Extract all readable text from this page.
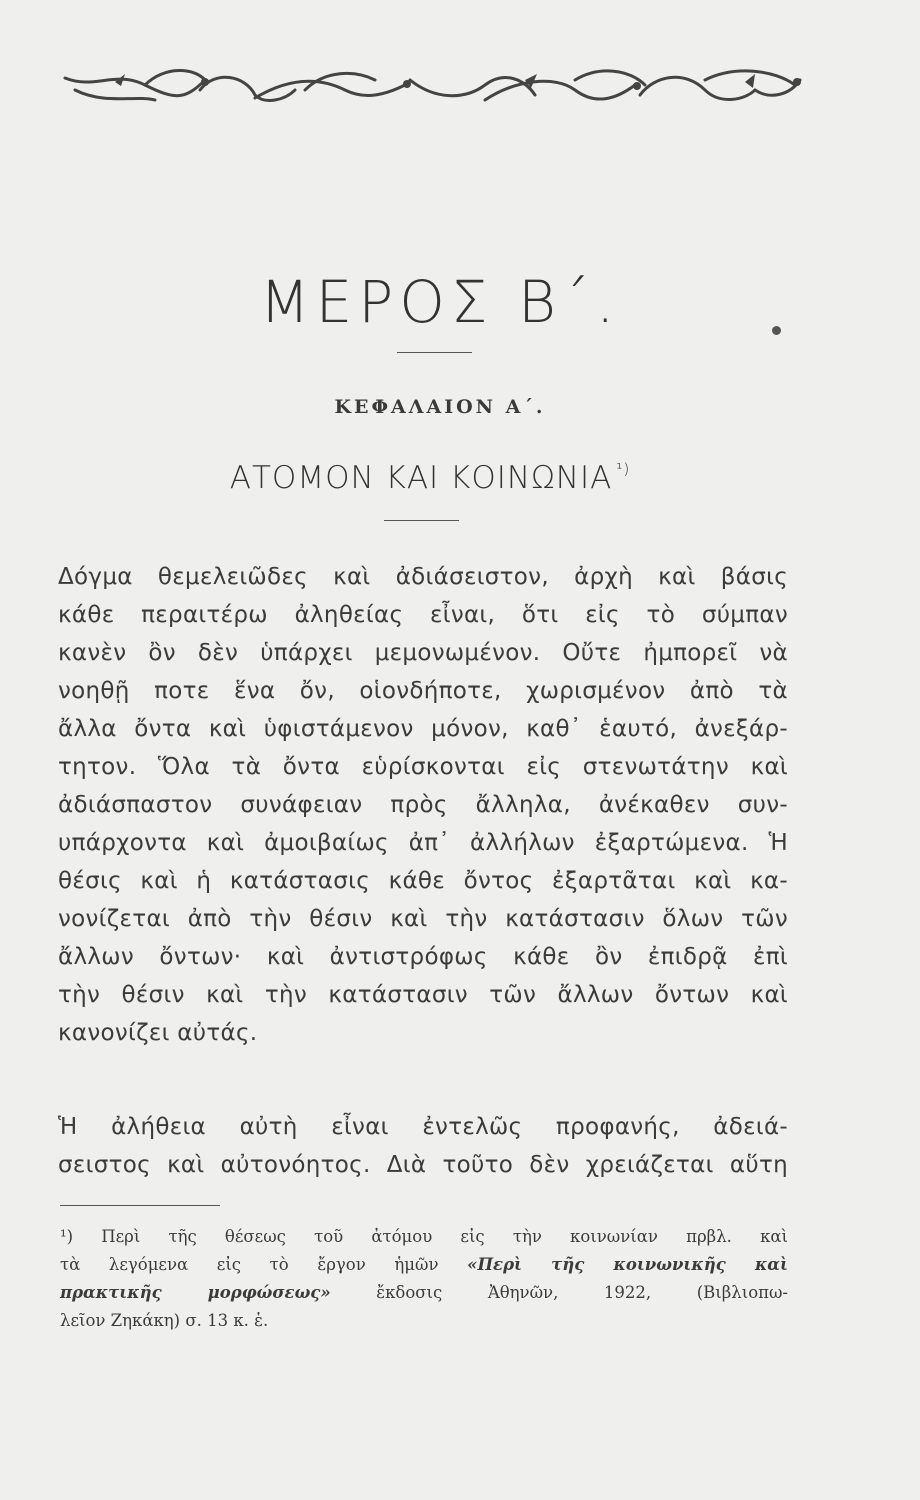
ΜΕΡΟΣ Β΄.
ΚΕΦΑΛΑΙΟΝ Α΄.
ΑΤΟΜΟΝ ΚΑΙ ΚΟΙΝΩΝΙΑ $^{^1)}$
Δόγμα θεμελειῶδες καὶ ἀδιάσειστον, ἀρχὴ καὶ βάσις
κάθε περαιτέρω ἀληθείας εἶναι, ὅτι εἰς τὸ σύμπαν
κανὲν ὂν δὲν ὑπάρχει μεμονωμένον. Οὔτε ἠμπορεῖ νὰ
νοηθῇ ποτε ἕνα ὄν, οἱονδήποτε, χωρισμένον ἀπὸ τὰ
ἄλλα ὄντα καὶ ὑφιστάμενον μόνον, καθ᾽ ἑαυτό, ἀνεξάρ-
τητον. Ὅλα τὰ ὄντα εὑρίσκονται εἰς στενωτάτην καὶ
ἀδιάσπαστον συνάφειαν πρὸς ἄλληλα, ἀνέκαθεν συν-
υπάρχοντα καὶ ἀμοιβαίως ἀπ᾽ ἀλλήλων ἐξαρτώμενα. Ἡ
θέσις καὶ ἡ κατάστασις κάθε ὄντος ἐξαρτᾶται καὶ κα-
νονίζεται ἀπὸ τὴν θέσιν καὶ τὴν κατάστασιν ὅλων τῶν
ἄλλων ὄντων· καὶ ἀντιστρόφως κάθε ὂν ἐπιδρᾷ ἐπὶ
τὴν θέσιν καὶ τὴν κατάστασιν τῶν ἄλλων ὄντων καὶ
κανονίζει αὐτάς.
Ἡ ἀλήθεια αὐτὴ εἶναι ἐντελῶς προφανής, ἀδειά-
σειστος καὶ αὐτονόητος. Διὰ τοῦτο δὲν χρειάζεται αὕτη
¹) Περὶ τῆς θέσεως τοῦ ἀτόμου εἰς τὴν κοινωνίαν πρβλ. καὶ
τὰ λεγόμενα εἰς τὸ ἔργον ἡμῶν «Περὶ τῆς κοινωνικῆς καὶ
πρακτικῆς μορφώσεως»	ἔκδοσις Ἀθηνῶν, 1922, (Βιβλιοπω-
λεῖον Ζηκάκη) σ. 13 κ. ἑ.
